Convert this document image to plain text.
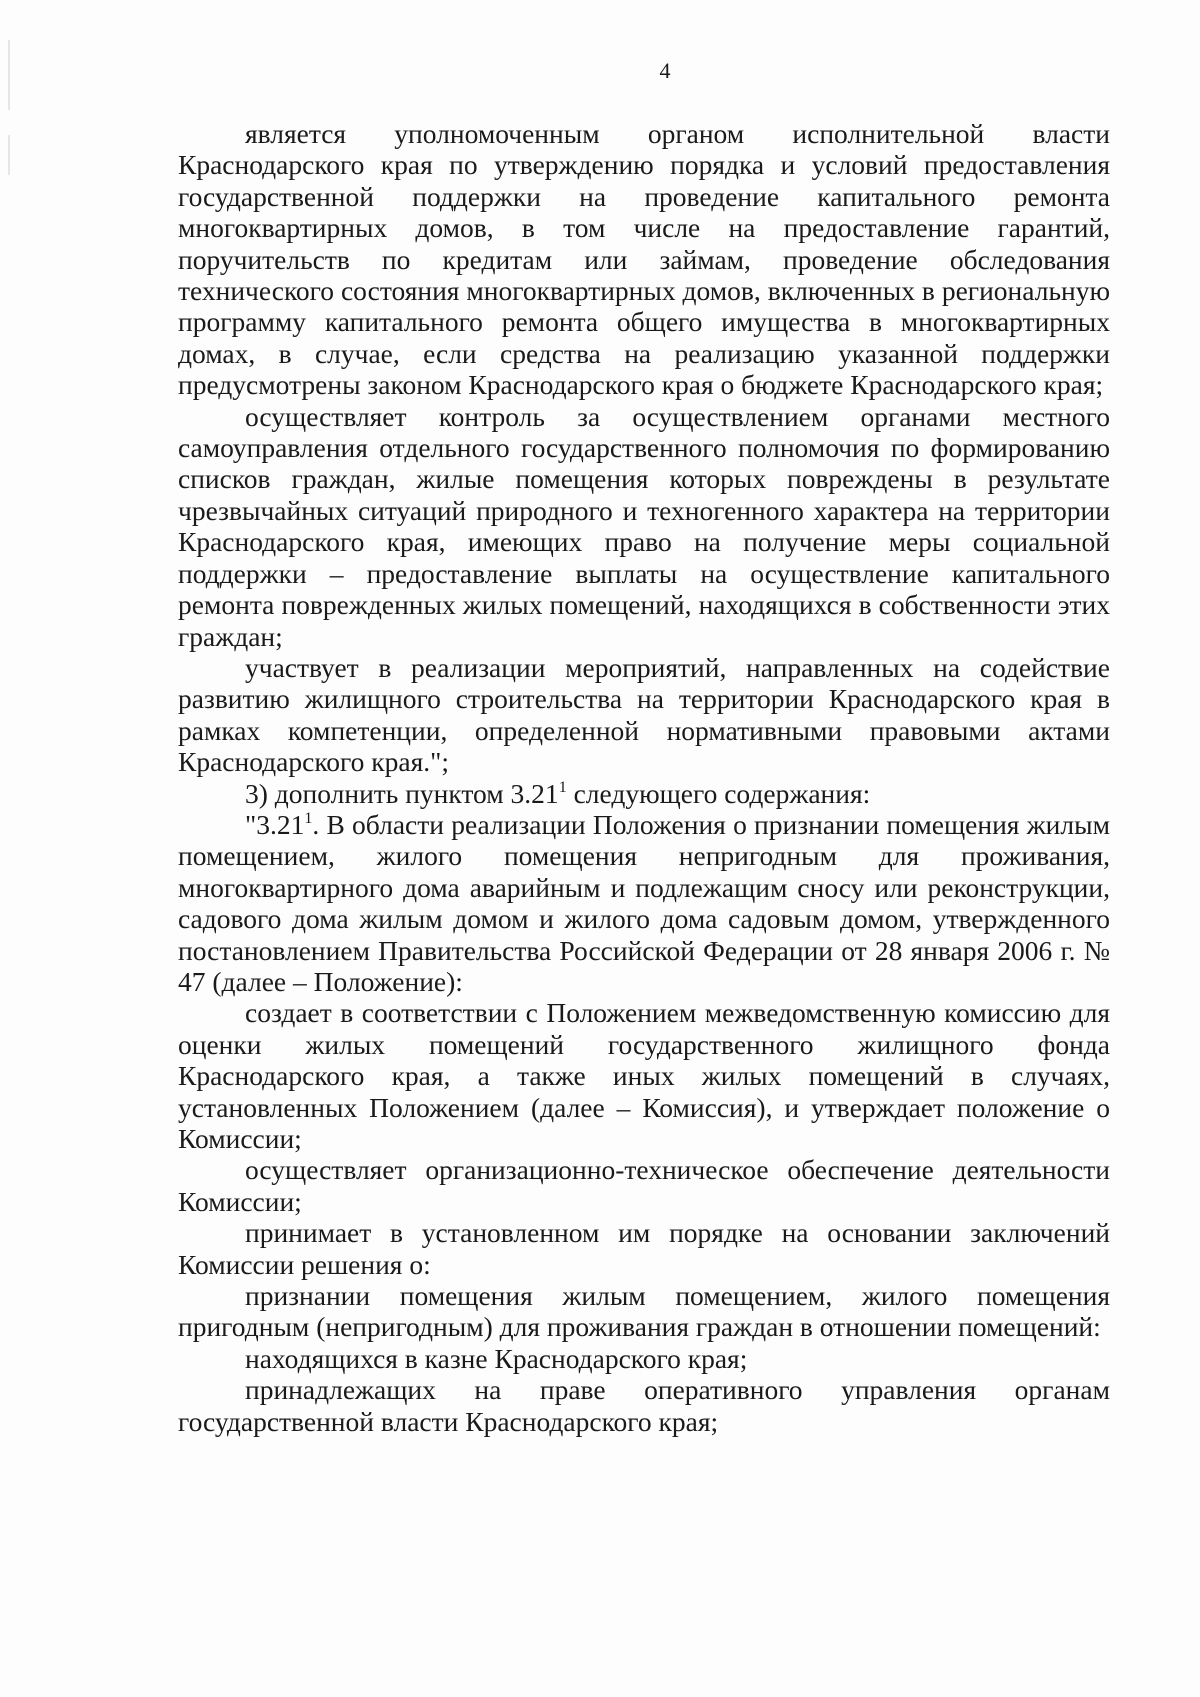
4

является уполномоченным органом исполнительной власти Краснодарского края по утверждению порядка и условий предоставления государственной поддержки на проведение капитального ремонта многоквартирных домов, в том числе на предоставление гарантий, поручительств по кредитам или займам, проведение обследования технического состояния многоквартирных домов, включенных в региональную программу капитального ремонта общего имущества в многоквартирных домах, в случае, если средства на реализацию указанной поддержки предусмотрены законом Краснодарского края о бюджете Краснодарского края;

осуществляет контроль за осуществлением органами местного самоуправления отдельного государственного полномочия по формированию списков граждан, жилые помещения которых повреждены в результате чрезвычайных ситуаций природного и техногенного характера на территории Краснодарского края, имеющих право на получение меры социальной поддержки – предоставление выплаты на осуществление капитального ремонта поврежденных жилых помещений, находящихся в собственности этих граждан;

участвует в реализации мероприятий, направленных на содействие развитию жилищного строительства на территории Краснодарского края в рамках компетенции, определенной нормативными правовыми актами Краснодарского края.";

3) дополнить пунктом 3.21$^1$ следующего содержания:

"3.21$^1$. В области реализации Положения о признании помещения жилым помещением, жилого помещения непригодным для проживания, многоквартирного дома аварийным и подлежащим сносу или реконструкции, садового дома жилым домом и жилого дома садовым домом, утвержденного постановлением Правительства Российской Федерации от 28 января 2006 г. № 47 (далее – Положение):

создает в соответствии с Положением межведомственную комиссию для оценки жилых помещений государственного жилищного фонда Краснодарского края, а также иных жилых помещений в случаях, установленных Положением (далее – Комиссия), и утверждает положение о Комиссии;

осуществляет организационно-техническое обеспечение деятельности Комиссии;

принимает в установленном им порядке на основании заключений Комиссии решения о:

признании помещения жилым помещением, жилого помещения пригодным (непригодным) для проживания граждан в отношении помещений:

находящихся в казне Краснодарского края;

принадлежащих на праве оперативного управления органам государственной власти Краснодарского края;
